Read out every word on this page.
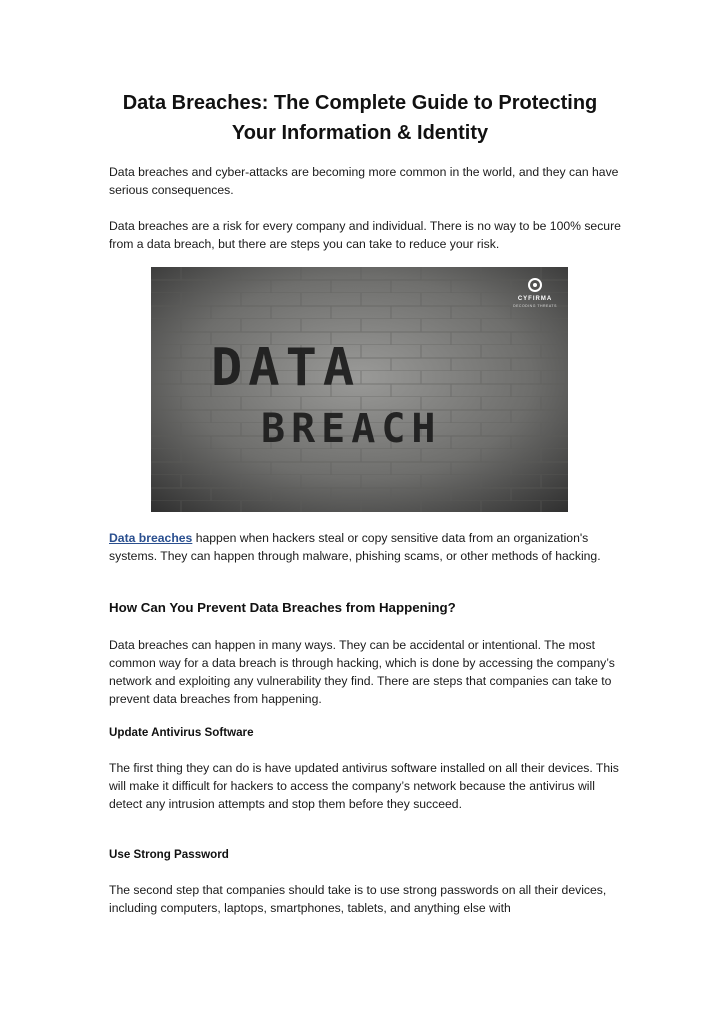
Data Breaches: The Complete Guide to Protecting
Your Information & Identity

Data breaches and cyber-attacks are becoming more common in the world, and they can have serious consequences.

Data breaches are a risk for every company and individual. There is no way to be 100% secure from a data breach, but there are steps you can take to reduce your risk.

CYFIRMA
DECODING THREATS
DATA
BREACH

Data breaches happen when hackers steal or copy sensitive data from an organization's systems. They can happen through malware, phishing scams, or other methods of hacking.

How Can You Prevent Data Breaches from Happening?

Data breaches can happen in many ways. They can be accidental or intentional. The most common way for a data breach is through hacking, which is done by accessing the company’s network and exploiting any vulnerability they find. There are steps that companies can take to prevent data breaches from happening.

Update Antivirus Software

The first thing they can do is have updated antivirus software installed on all their devices. This will make it difficult for hackers to access the company’s network because the antivirus will detect any intrusion attempts and stop them before they succeed.

Use Strong Password

The second step that companies should take is to use strong passwords on all their devices, including computers, laptops, smartphones, tablets, and anything else with
